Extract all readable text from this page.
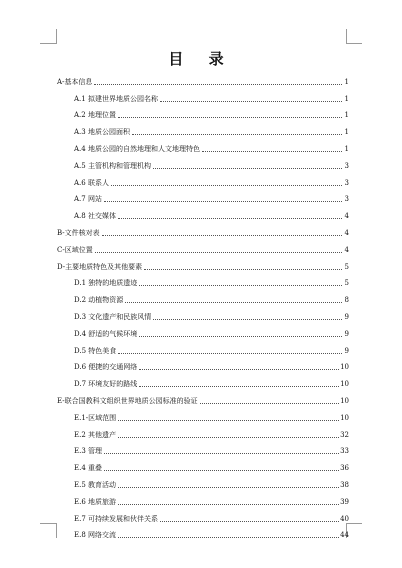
目 录
A-基本信息	1
A.1 拟建世界地质公园名称	1
A.2 地理位置	1
A.3 地质公园面积	1
A.4 地质公园的自然地理和人文地理特色	1
A.5 主管机构和管理机构	3
A.6 联系人	3
A.7 网站	3
A.8 社交媒体	4
B-文件核对表	4
C-区域位置	4
D-主要地质特色及其他要素	5
D.1 独特的地质遗迹	5
D.2 动植物资源	8
D.3 文化遗产和民族风情	9
D.4 舒适的气候环境	9
D.5 特色美食	9
D.6 便捷的交通网络	10
D.7 环境友好的路线	10
E-联合国教科文组织世界地质公园标准的验证	10
E.1-区域范围	10
E.2 其他遗产	32
E.3 管理	33
E.4 重叠	36
E.5 教育活动	38
E.6 地质旅游	39
E.7 可持续发展和伙伴关系	40
E.8 网络交流	44
